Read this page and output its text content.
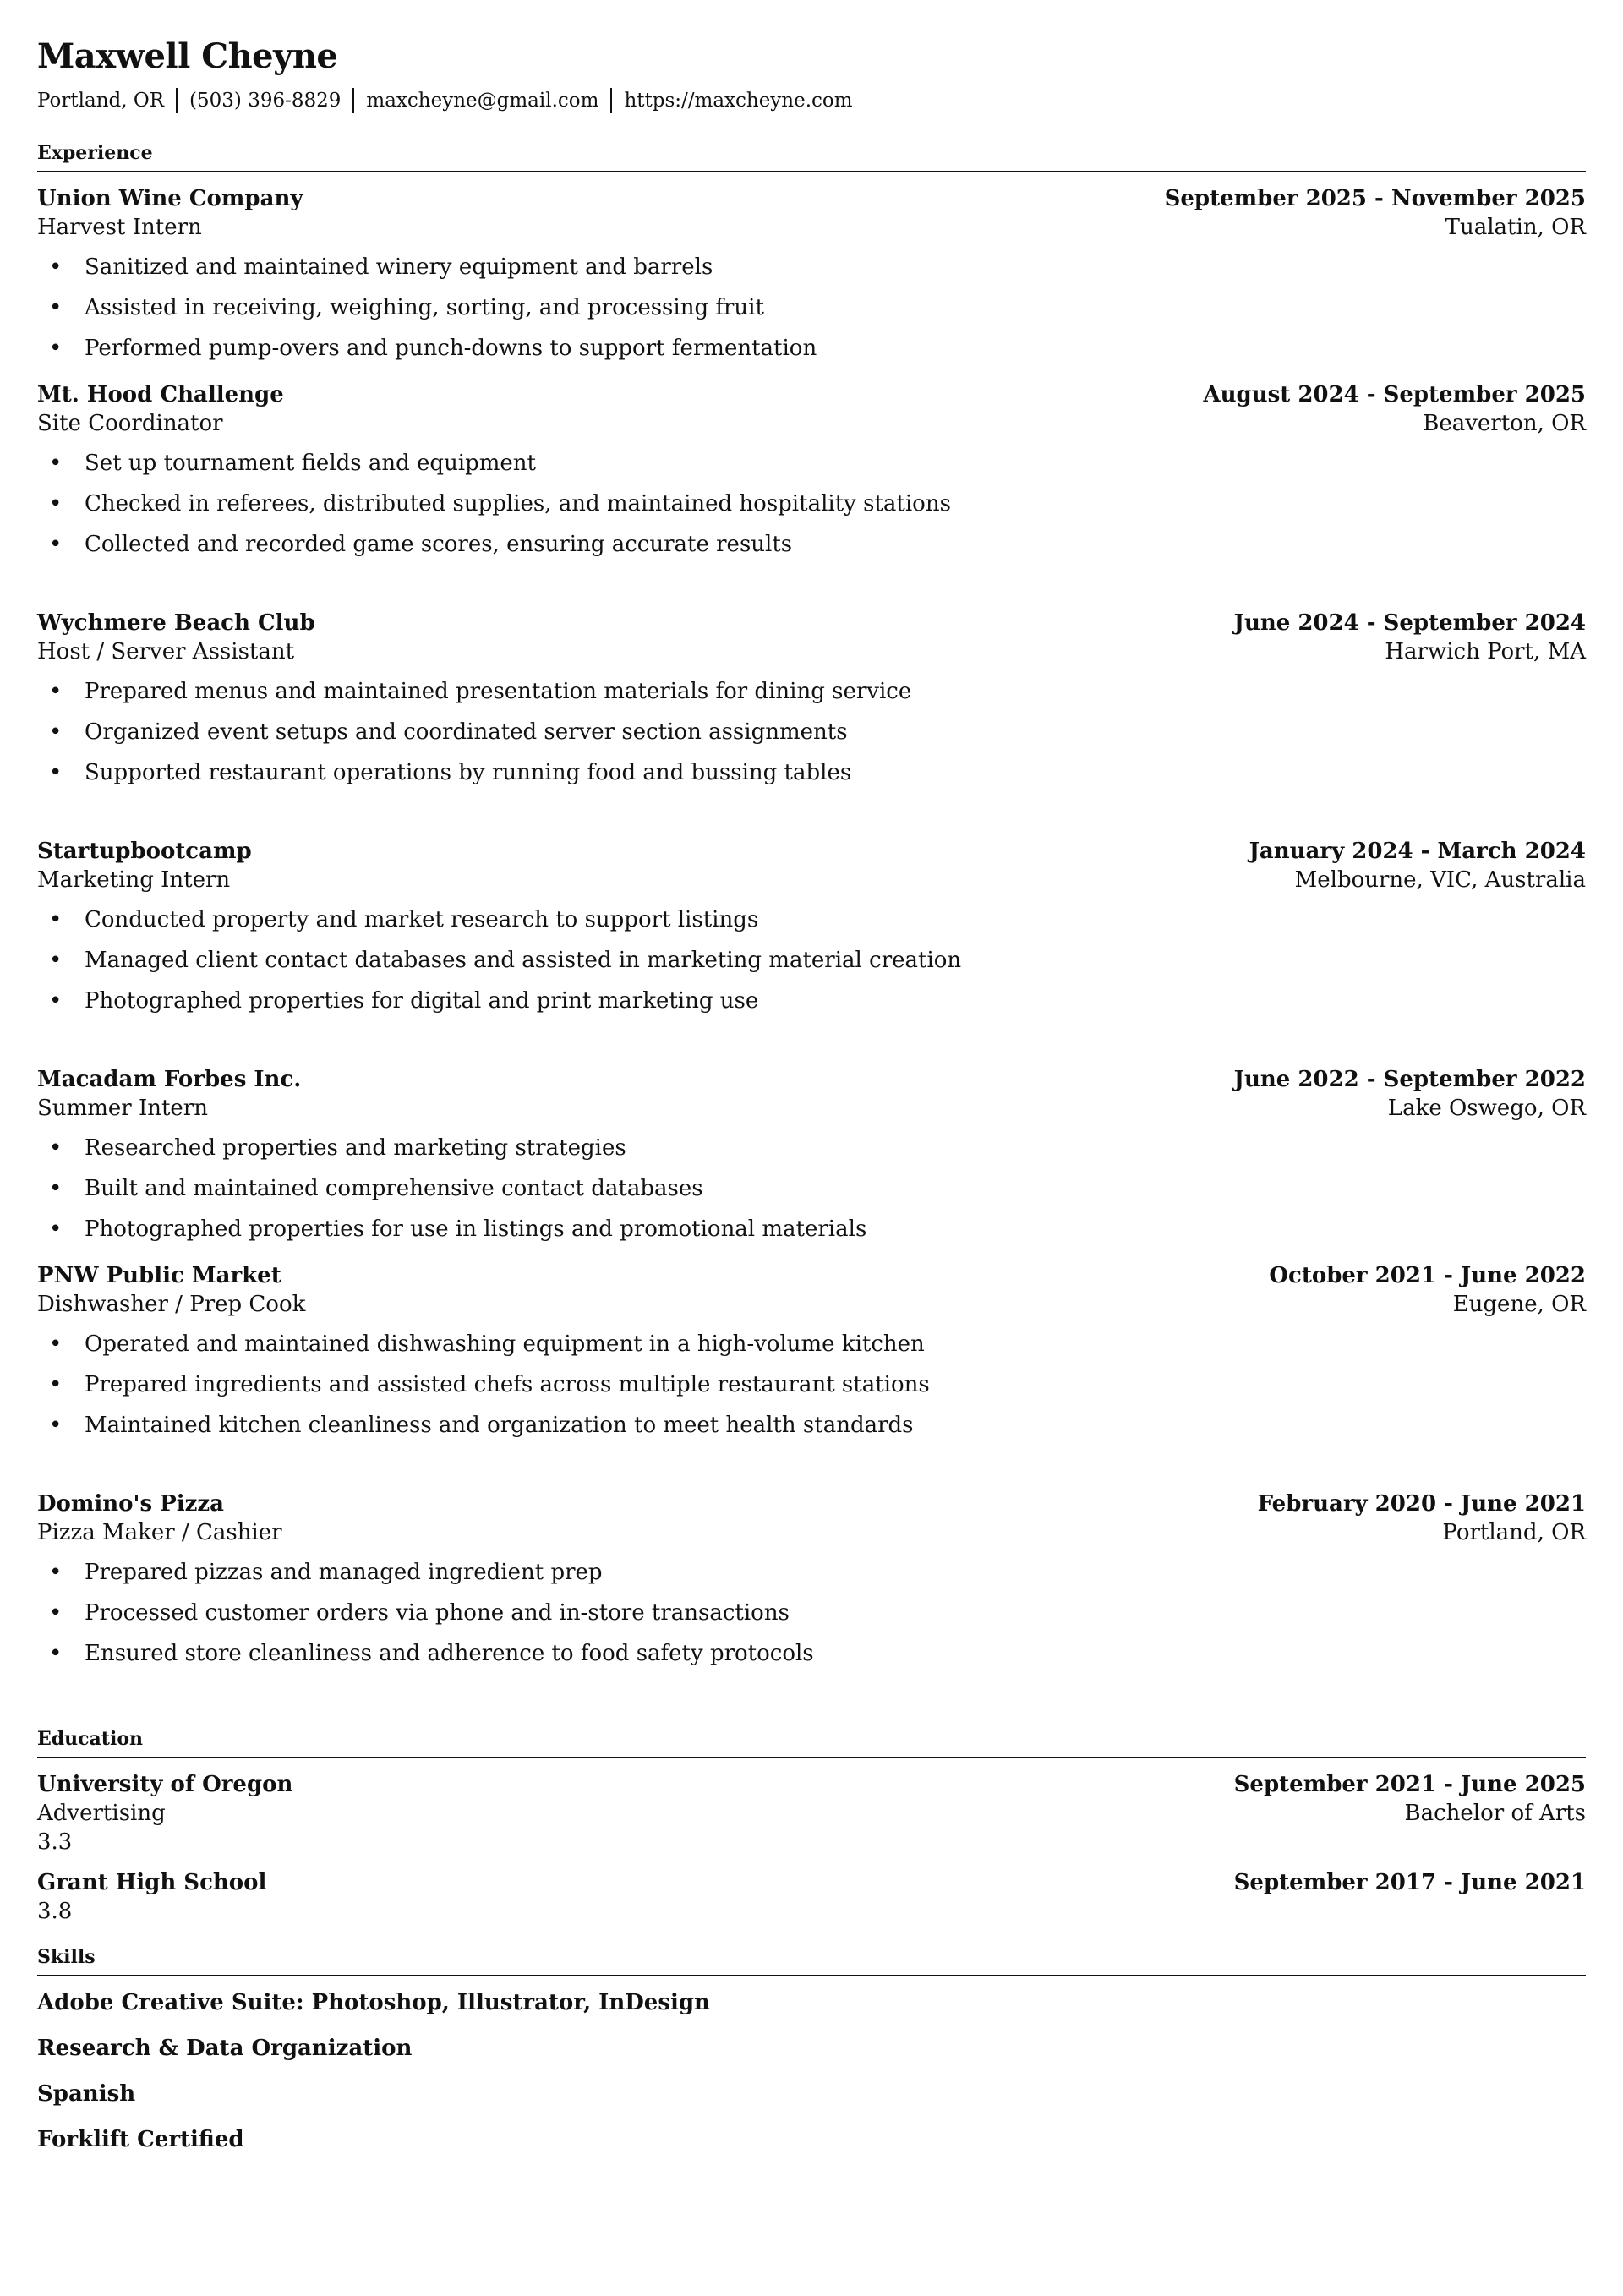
Maxwell Cheyne
Portland, OR	(503) 396-8829	maxcheyne@gmail.com	https://maxcheyne.com
Experience
Union Wine Company	September 2025 - November 2025
Harvest Intern	Tualatin, OR
• Sanitized and maintained winery equipment and barrels
• Assisted in receiving, weighing, sorting, and processing fruit
• Performed pump-overs and punch-downs to support fermentation
Mt. Hood Challenge	August 2024 - September 2025
Site Coordinator	Beaverton, OR
• Set up tournament fields and equipment
• Checked in referees, distributed supplies, and maintained hospitality stations
• Collected and recorded game scores, ensuring accurate results
Wychmere Beach Club	June 2024 - September 2024
Host / Server Assistant	Harwich Port, MA
• Prepared menus and maintained presentation materials for dining service
• Organized event setups and coordinated server section assignments
• Supported restaurant operations by running food and bussing tables
Startupbootcamp	January 2024 - March 2024
Marketing Intern	Melbourne, VIC, Australia
• Conducted property and market research to support listings
• Managed client contact databases and assisted in marketing material creation
• Photographed properties for digital and print marketing use
Macadam Forbes Inc.	June 2022 - September 2022
Summer Intern	Lake Oswego, OR
• Researched properties and marketing strategies
• Built and maintained comprehensive contact databases
• Photographed properties for use in listings and promotional materials
PNW Public Market	October 2021 - June 2022
Dishwasher / Prep Cook	Eugene, OR
• Operated and maintained dishwashing equipment in a high-volume kitchen
• Prepared ingredients and assisted chefs across multiple restaurant stations
• Maintained kitchen cleanliness and organization to meet health standards
Domino's Pizza	February 2020 - June 2021
Pizza Maker / Cashier	Portland, OR
• Prepared pizzas and managed ingredient prep
• Processed customer orders via phone and in-store transactions
• Ensured store cleanliness and adherence to food safety protocols
Education
University of Oregon	September 2021 - June 2025
Advertising	Bachelor of Arts
3.3
Grant High School	September 2017 - June 2021
3.8
Skills
Adobe Creative Suite: Photoshop, Illustrator, InDesign
Research & Data Organization
Spanish
Forklift Certified
